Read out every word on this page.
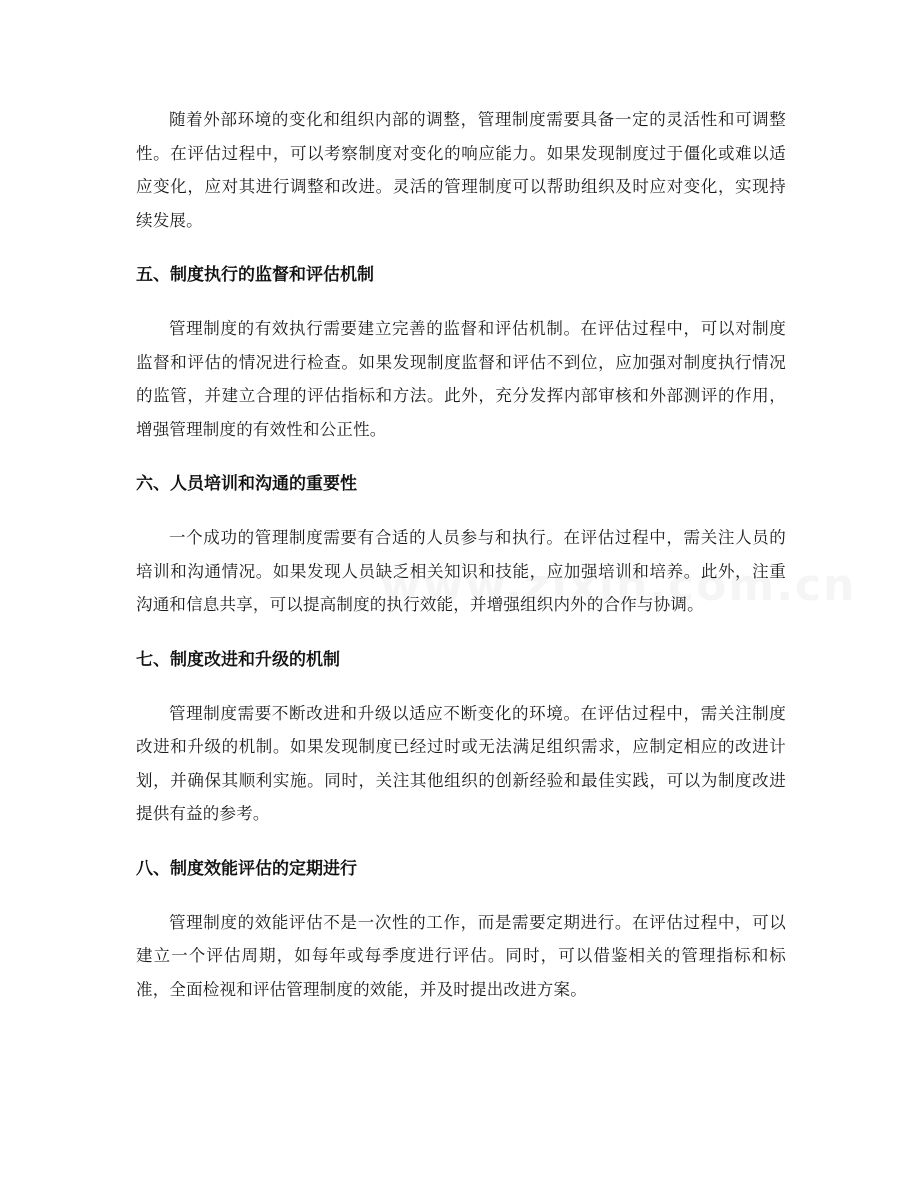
随着外部环境的变化和组织内部的调整，管理制度需要具备一定的灵活性和可调整性。在评估过程中，可以考察制度对变化的响应能力。如果发现制度过于僵化或难以适应变化，应对其进行调整和改进。灵活的管理制度可以帮助组织及时应对变化，实现持续发展。

五、制度执行的监督和评估机制

管理制度的有效执行需要建立完善的监督和评估机制。在评估过程中，可以对制度监督和评估的情况进行检查。如果发现制度监督和评估不到位，应加强对制度执行情况的监管，并建立合理的评估指标和方法。此外，充分发挥内部审核和外部测评的作用，增强管理制度的有效性和公正性。

六、人员培训和沟通的重要性

一个成功的管理制度需要有合适的人员参与和执行。在评估过程中，需关注人员的培训和沟通情况。如果发现人员缺乏相关知识和技能，应加强培训和培养。此外，注重沟通和信息共享，可以提高制度的执行效能，并增强组织内外的合作与协调。

七、制度改进和升级的机制

管理制度需要不断改进和升级以适应不断变化的环境。在评估过程中，需关注制度改进和升级的机制。如果发现制度已经过时或无法满足组织需求，应制定相应的改进计划，并确保其顺利实施。同时，关注其他组织的创新经验和最佳实践，可以为制度改进提供有益的参考。

八、制度效能评估的定期进行

管理制度的效能评估不是一次性的工作，而是需要定期进行。在评估过程中，可以建立一个评估周期，如每年或每季度进行评估。同时，可以借鉴相关的管理指标和标准，全面检视和评估管理制度的效能，并及时提出改进方案。
